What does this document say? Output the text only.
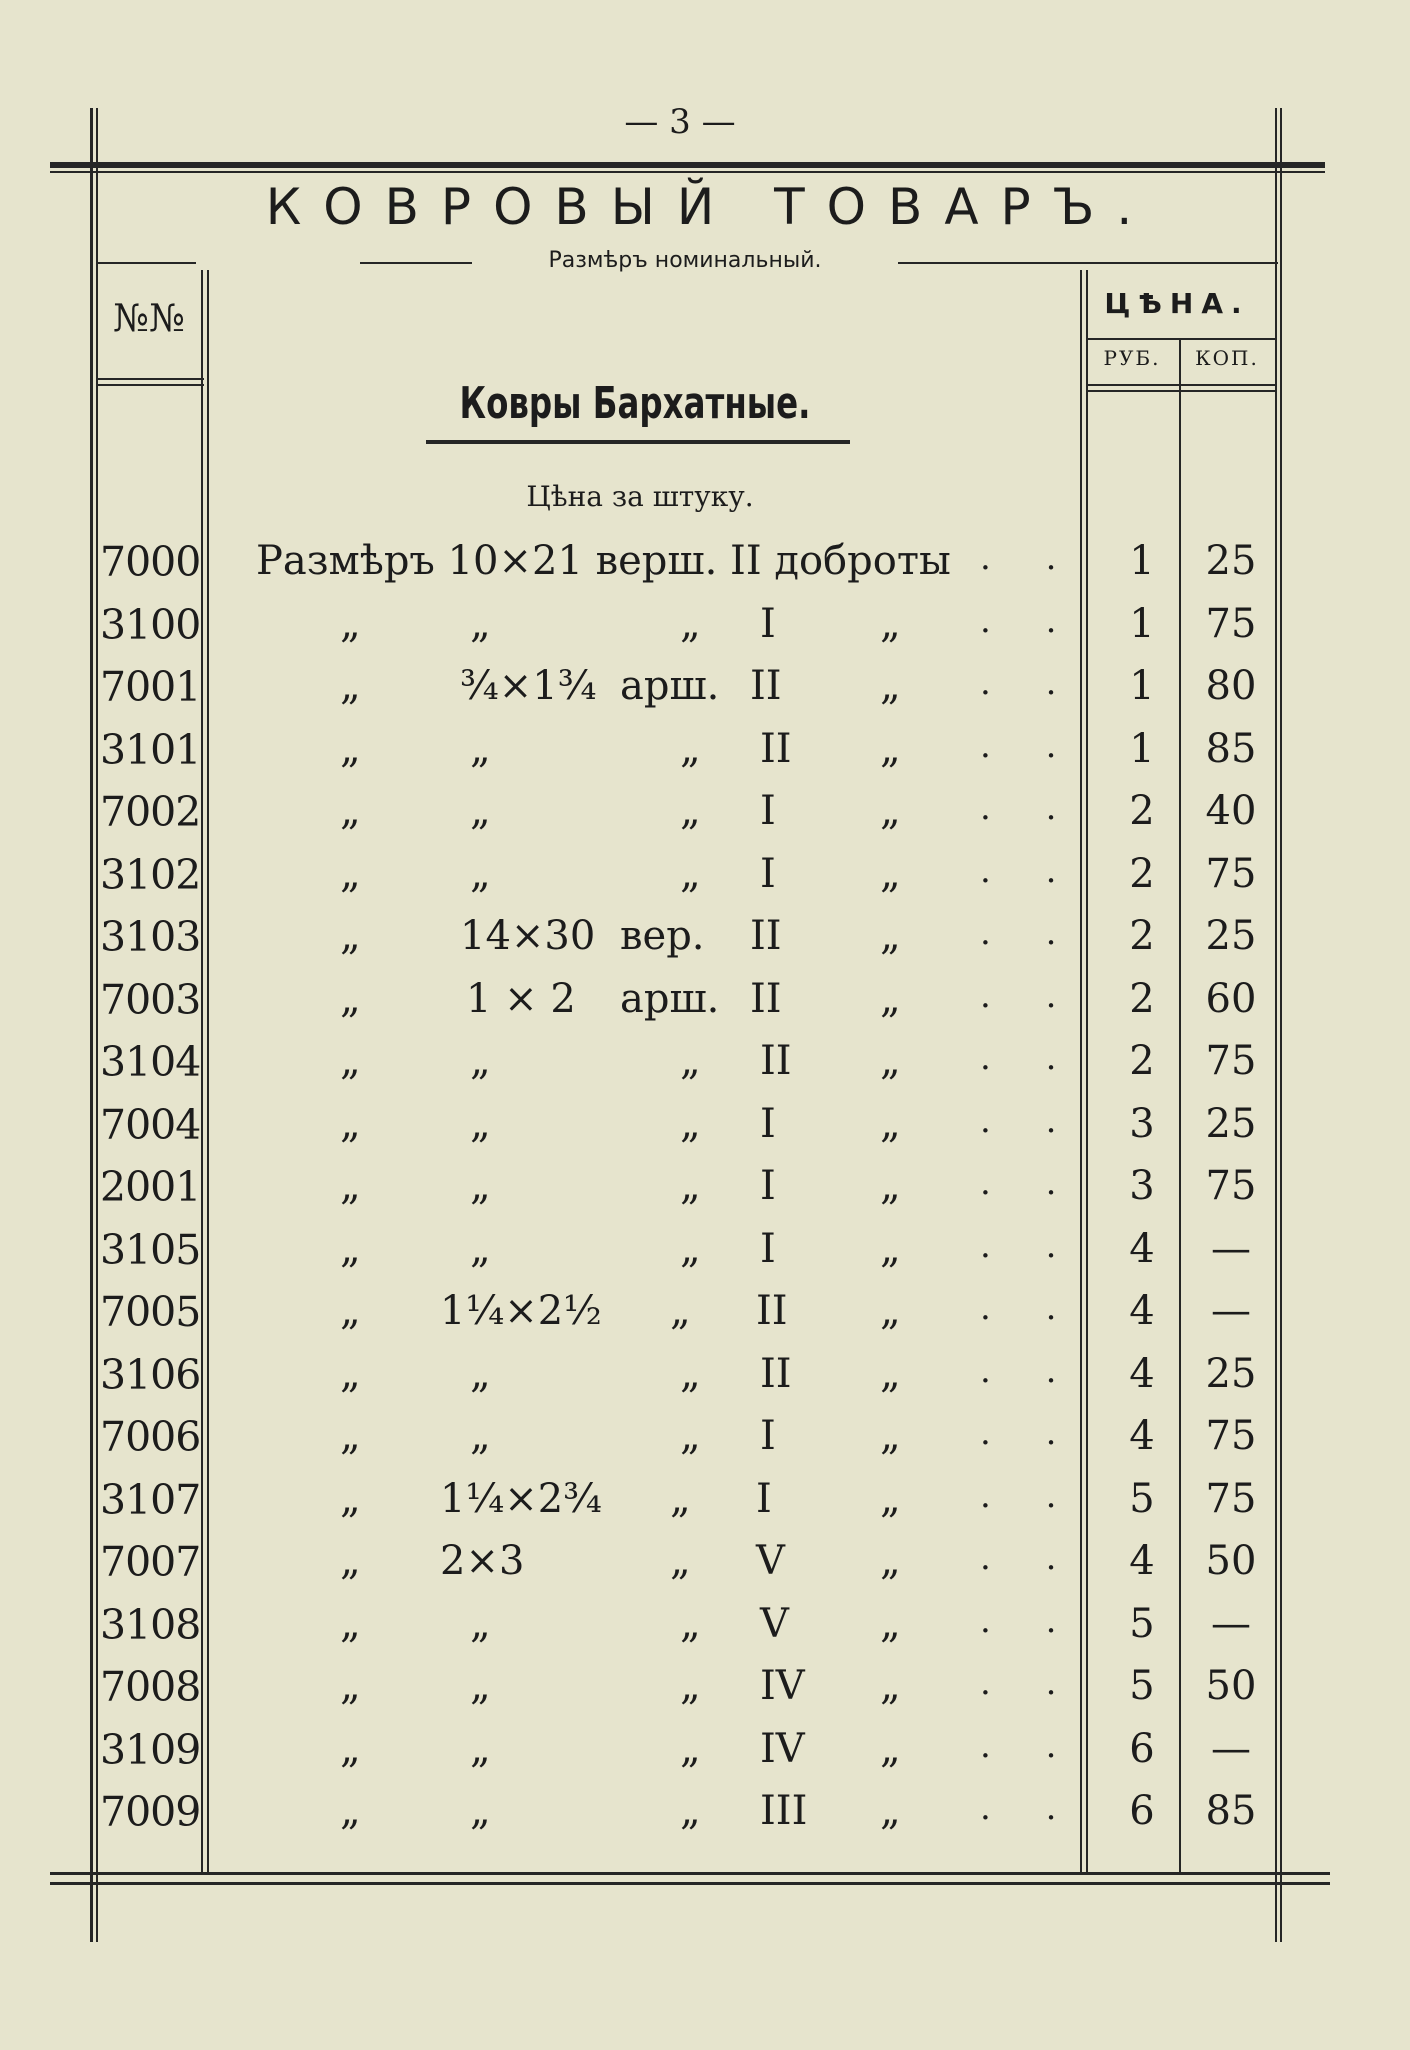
— 3 —
КОВРОВЫЙ ТОВАРЪ.
Размѣръ номинальный.
№№	ЦѢНА.
РУБ.	КОП.
Ковры Бархатные.
Цѣна за штуку.
7000 Размѣръ 10×21 верш. II доброты	1	25
. .
3100	„	„	„ I	„	1	75
. .
7001	„ ¾×1¾ арш. II „	1	80
. .
3101	„	„	„ II „	1	85
. .
7002	„	„	„ I	„	2	40
. .
3102	„	„	„ I	„	2	75
. .
3103	„ 14×30 вер. II „	2	25
. .
7003	„	1 × 2 арш. II „	2	60
. .
3104	„	„	„ II „	2	75
. .
7004	„	„	„ I	„	3	25
. .
2001	„	„	„ I	„	3	75
. .
3105	„	„	„ I	„	4	—
. .
7005	„ 1¼×2½ „ II „	4	—
. .
3106	„	„	„ II „	4	25
. .
7006	„	„	„ I	„	4	75
. .
3107	„ 1¼×2¾ „ I	„	5	75
. .
7007	„ 2×3	„ V „	4	50
. .
3108	„	„	„ V „	5	—
. .
7008	„	„	„ IV „	5	50
. .
3109	„	„	„ IV „	6	—
. .
7009	„	„	„ III „	6	85
. .
